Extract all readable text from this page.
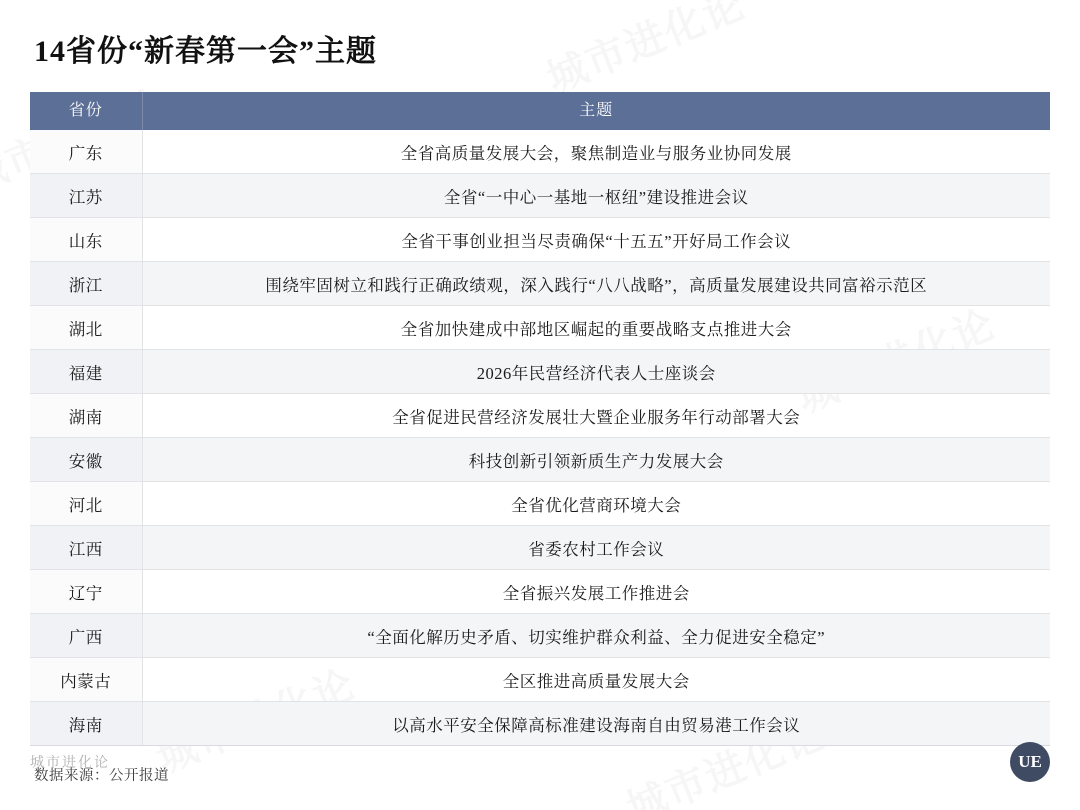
14省份“新春第一会”主题
省份	主题
广东	全省高质量发展大会，聚焦制造业与服务业协同发展
江苏	全省“一中心一基地一枢纽”建设推进会议
山东	全省干事创业担当尽责确保“十五五”开好局工作会议
浙江	围绕牢固树立和践行正确政绩观，深入践行“八八战略”，高质量发展建设共同富裕示范区
湖北	全省加快建成中部地区崛起的重要战略支点推进大会
福建	2026年民营经济代表人士座谈会
湖南	全省促进民营经济发展壮大暨企业服务年行动部署大会
安徽	科技创新引领新质生产力发展大会
河北	全省优化营商环境大会
江西	省委农村工作会议
辽宁	全省振兴发展工作推进会
广西	“全面化解历史矛盾、切实维护群众利益、全力促进安全稳定”
内蒙古	全区推进高质量发展大会
海南	以高水平安全保障高标准建设海南自由贸易港工作会议
数据来源：公开报道
城市进化论	UE
